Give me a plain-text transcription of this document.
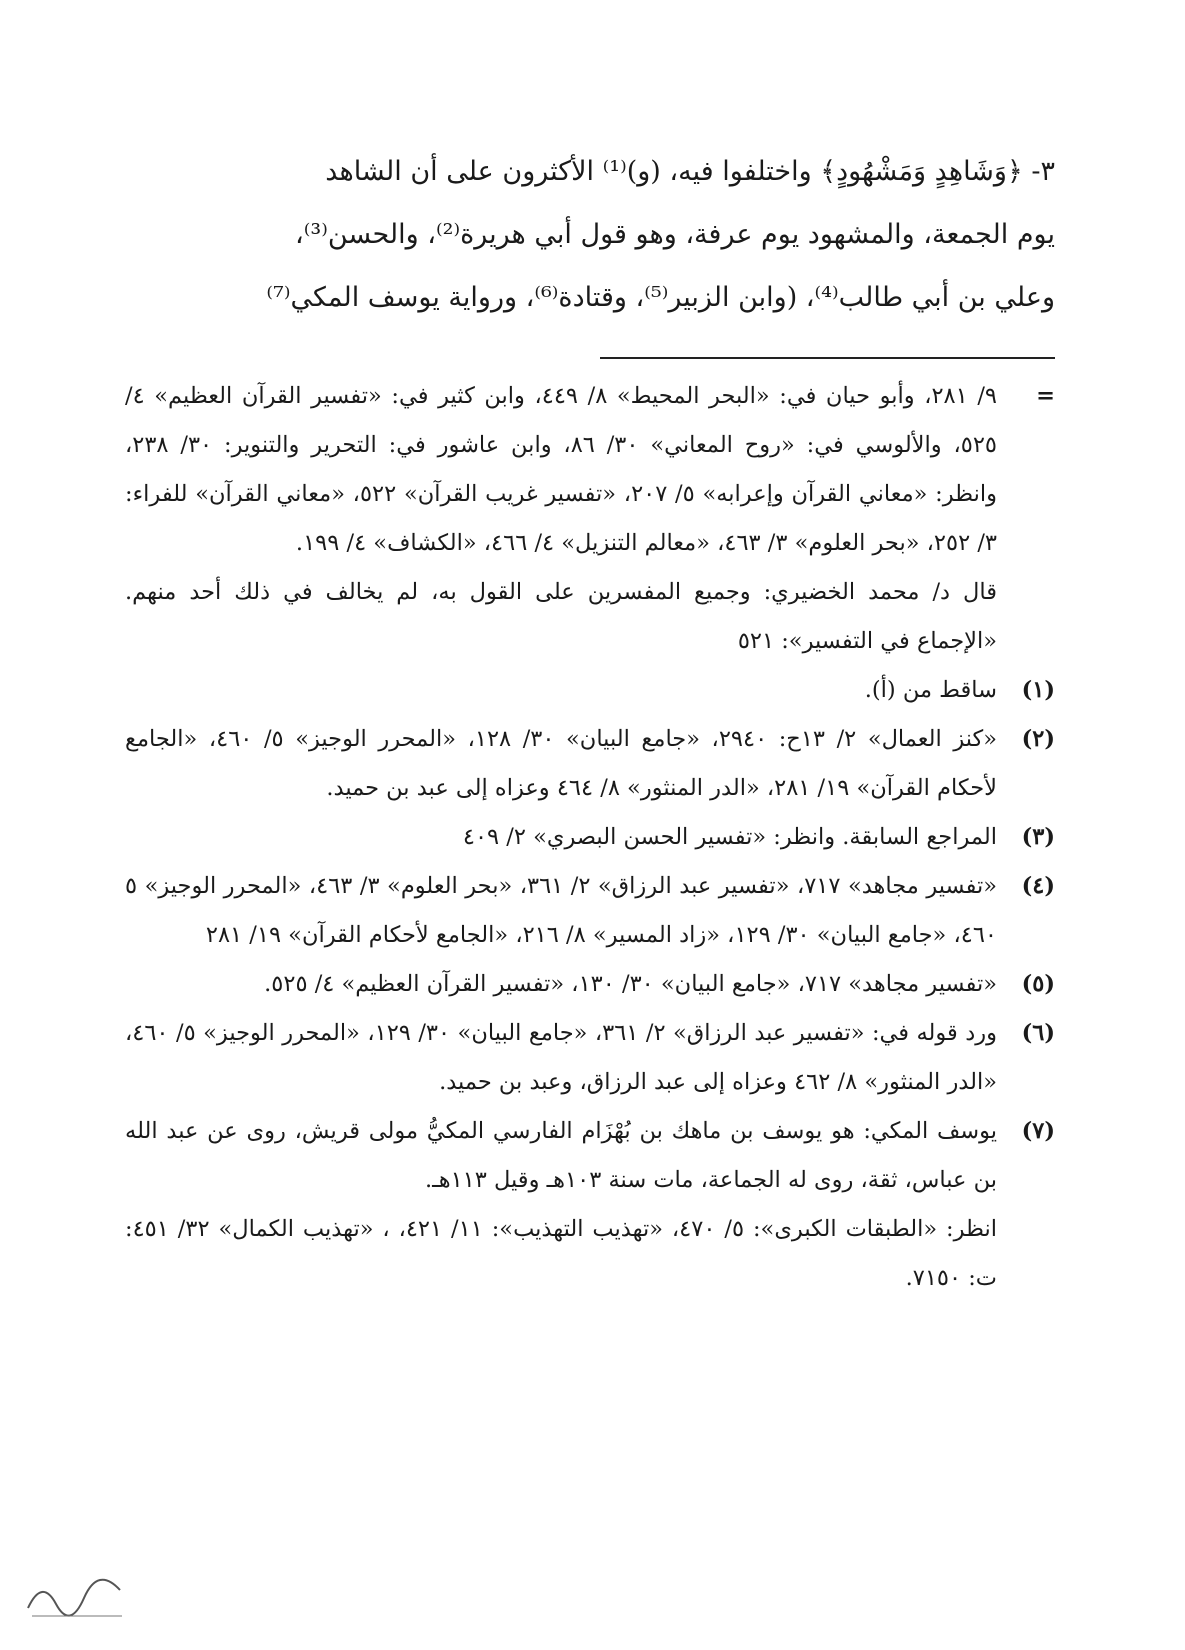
٣- ﴿وَشَاهِدٍ وَمَشْهُودٍ﴾ واختلفوا فيه، (و)⁽¹⁾ الأكثرون على أن الشاهد

يوم الجمعة، والمشهود يوم عرفة، وهو قول أبي هريرة⁽²⁾، والحسن⁽³⁾،

وعلي بن أبي طالب⁽⁴⁾، (وابن الزبير⁽⁵⁾، وقتادة⁽⁶⁾، ورواية يوسف المكي⁽⁷⁾

=
٩/ ٢٨١، وأبو حيان في: «البحر المحيط» ٨/ ٤٤٩، وابن كثير في: «تفسير القرآن العظيم» ٤/ ٥٢٥، والألوسي في: «روح المعاني» ٣٠/ ٨٦، وابن عاشور في: التحرير والتنوير: ٣٠/ ٢٣٨، وانظر: «معاني القرآن وإعرابه» ٥/ ٢٠٧، «تفسير غريب القرآن» ٥٢٢، «معاني القرآن» للفراء: ٣/ ٢٥٢، «بحر العلوم» ٣/ ٤٦٣، «معالم التنزيل» ٤/ ٤٦٦، «الكشاف» ٤/ ١٩٩.
قال د/ محمد الخضيري: وجميع المفسرين على القول به، لم يخالف في ذلك أحد منهم. «الإجماع في التفسير»: ٥٢١
(١)
ساقط من (أ).
(٢)
«كنز العمال» ٢/ ١٣ح: ٢٩٤٠، «جامع البيان» ٣٠/ ١٢٨، «المحرر الوجيز» ٥/ ٤٦٠، «الجامع لأحكام القرآن» ١٩/ ٢٨١، «الدر المنثور» ٨/ ٤٦٤ وعزاه إلى عبد بن حميد.
(٣)
المراجع السابقة. وانظر: «تفسير الحسن البصري» ٢/ ٤٠٩
(٤)
«تفسير مجاهد» ٧١٧، «تفسير عبد الرزاق» ٢/ ٣٦١، «بحر العلوم» ٣/ ٤٦٣، «المحرر الوجيز» ٥ ٤٦٠، «جامع البيان» ٣٠/ ١٢٩، «زاد المسير» ٨/ ٢١٦، «الجامع لأحكام القرآن» ١٩/ ٢٨١
(٥)
«تفسير مجاهد» ٧١٧، «جامع البيان» ٣٠/ ١٣٠، «تفسير القرآن العظيم» ٤/ ٥٢٥.
(٦)
ورد قوله في: «تفسير عبد الرزاق» ٢/ ٣٦١، «جامع البيان» ٣٠/ ١٢٩، «المحرر الوجيز» ٥/ ٤٦٠، «الدر المنثور» ٨/ ٤٦٢ وعزاه إلى عبد الرزاق، وعبد بن حميد.
(٧)
يوسف المكي: هو يوسف بن ماهك بن بُهْزَام الفارسي المكيُّ مولى قريش، روى عن عبد الله بن عباس، ثقة، روى له الجماعة، مات سنة ١٠٣هـ وقيل ١١٣هـ.
انظر: «الطبقات الكبرى»: ٥/ ٤٧٠، «تهذيب التهذيب»: ١١/ ٤٢١، ، «تهذيب الكمال» ٣٢/ ٤٥١: ت: ٧١٥٠.
